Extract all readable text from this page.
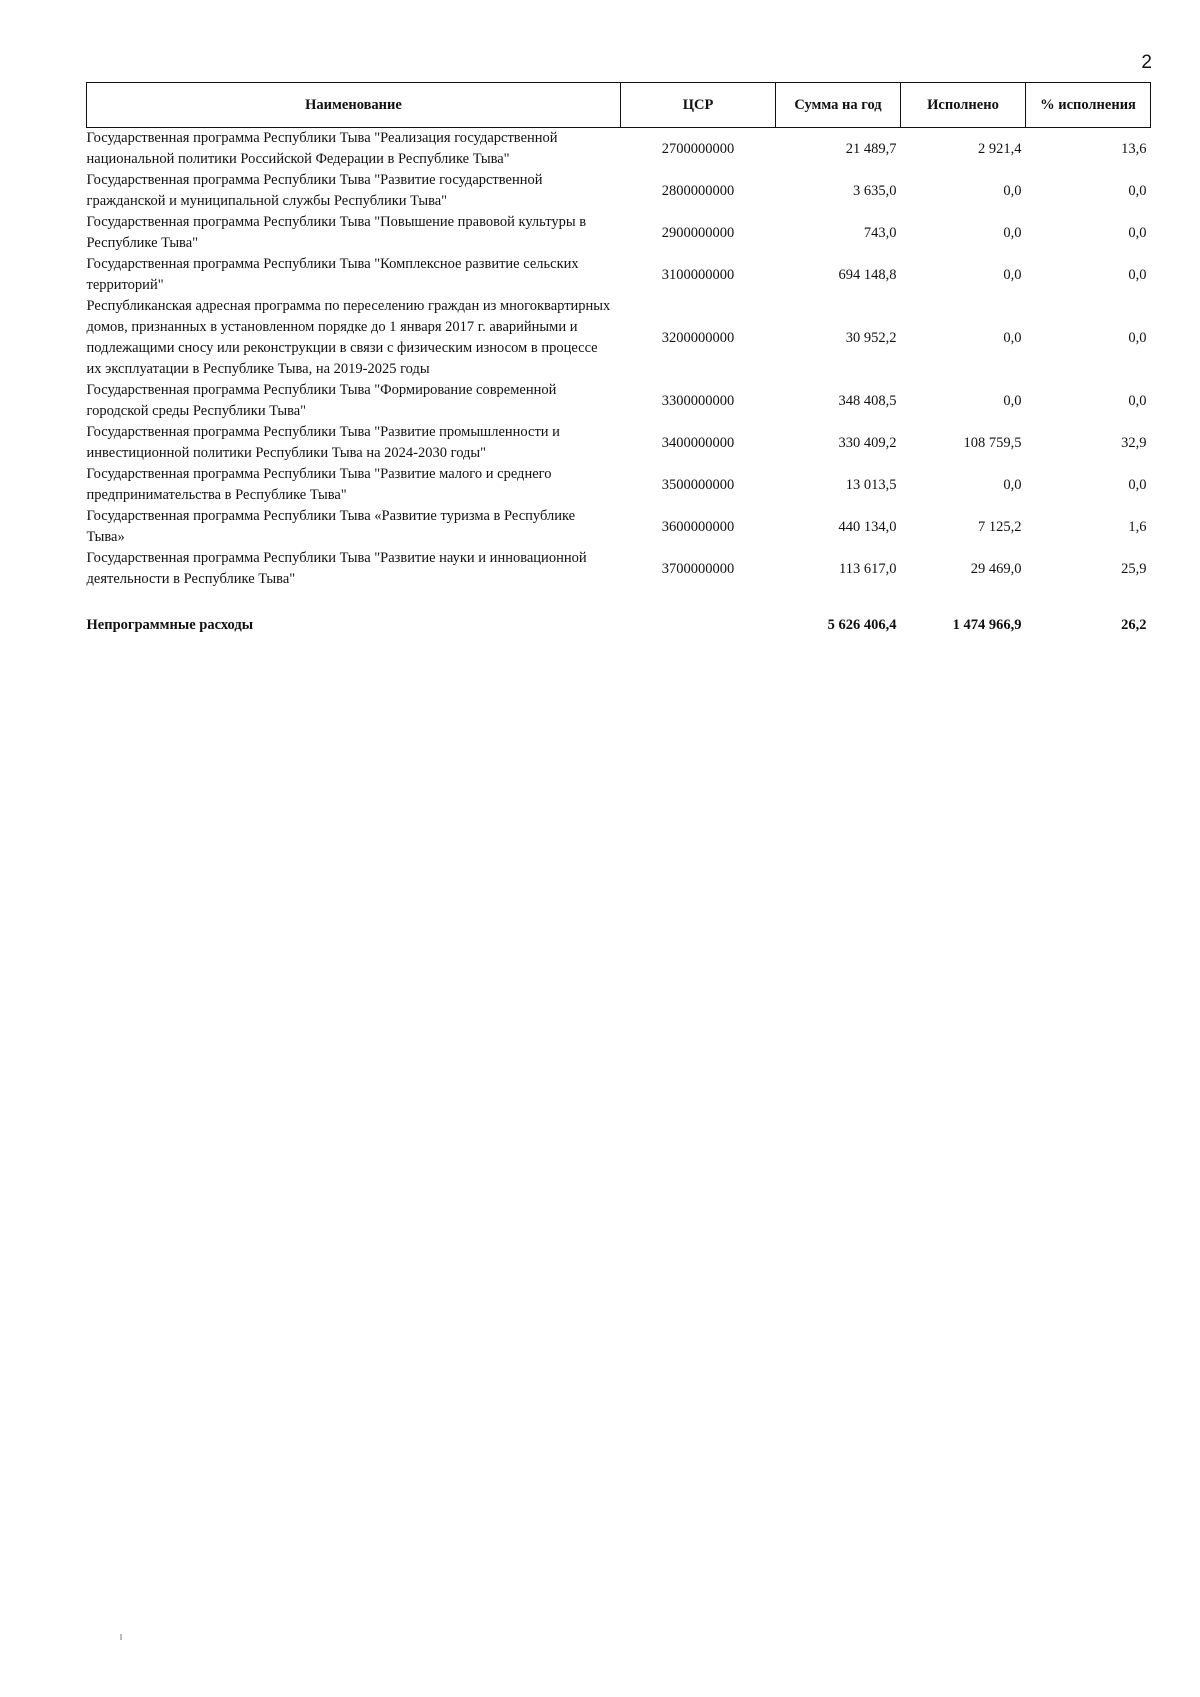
2
Наименование	ЦСР	Сумма на год	Исполнено	% исполнения
Государственная программа Республики Тыва "Реализация государственной национальной политики Российской Федерации в Республике Тыва"	2700000000	21 489,7	2 921,4	13,6
Государственная программа Республики Тыва "Развитие государственной гражданской и муниципальной службы Республики Тыва"	2800000000	3 635,0	0,0	0,0
Государственная программа Республики Тыва "Повышение правовой культуры в Республике Тыва"	2900000000	743,0	0,0	0,0
Государственная программа Республики Тыва "Комплексное развитие сельских территорий"	3100000000	694 148,8	0,0	0,0
Республиканская адресная программа по переселению граждан из многоквартирных домов, признанных в установленном порядке до 1 января 2017 г. аварийными и подлежащими сносу или реконструкции в связи с физическим износом в процессе их эксплуатации в Республике Тыва, на 2019-2025 годы	3200000000	30 952,2	0,0	0,0
Государственная программа Республики Тыва "Формирование современной городской среды Республики Тыва"	3300000000	348 408,5	0,0	0,0
Государственная программа Республики Тыва "Развитие промышленности и инвестиционной политики Республики Тыва на 2024-2030 годы"	3400000000	330 409,2	108 759,5	32,9
Государственная программа Республики Тыва "Развитие малого и среднего предпринимательства в Республике Тыва"	3500000000	13 013,5	0,0	0,0
Государственная программа Республики Тыва «Развитие туризма в Республике Тыва»	3600000000	440 134,0	7 125,2	1,6
Государственная программа Республики Тыва "Развитие науки и инновационной деятельности в Республике Тыва"	3700000000	113 617,0	29 469,0	25,9

Непрограммные расходы		5 626 406,4	1 474 966,9	26,2
